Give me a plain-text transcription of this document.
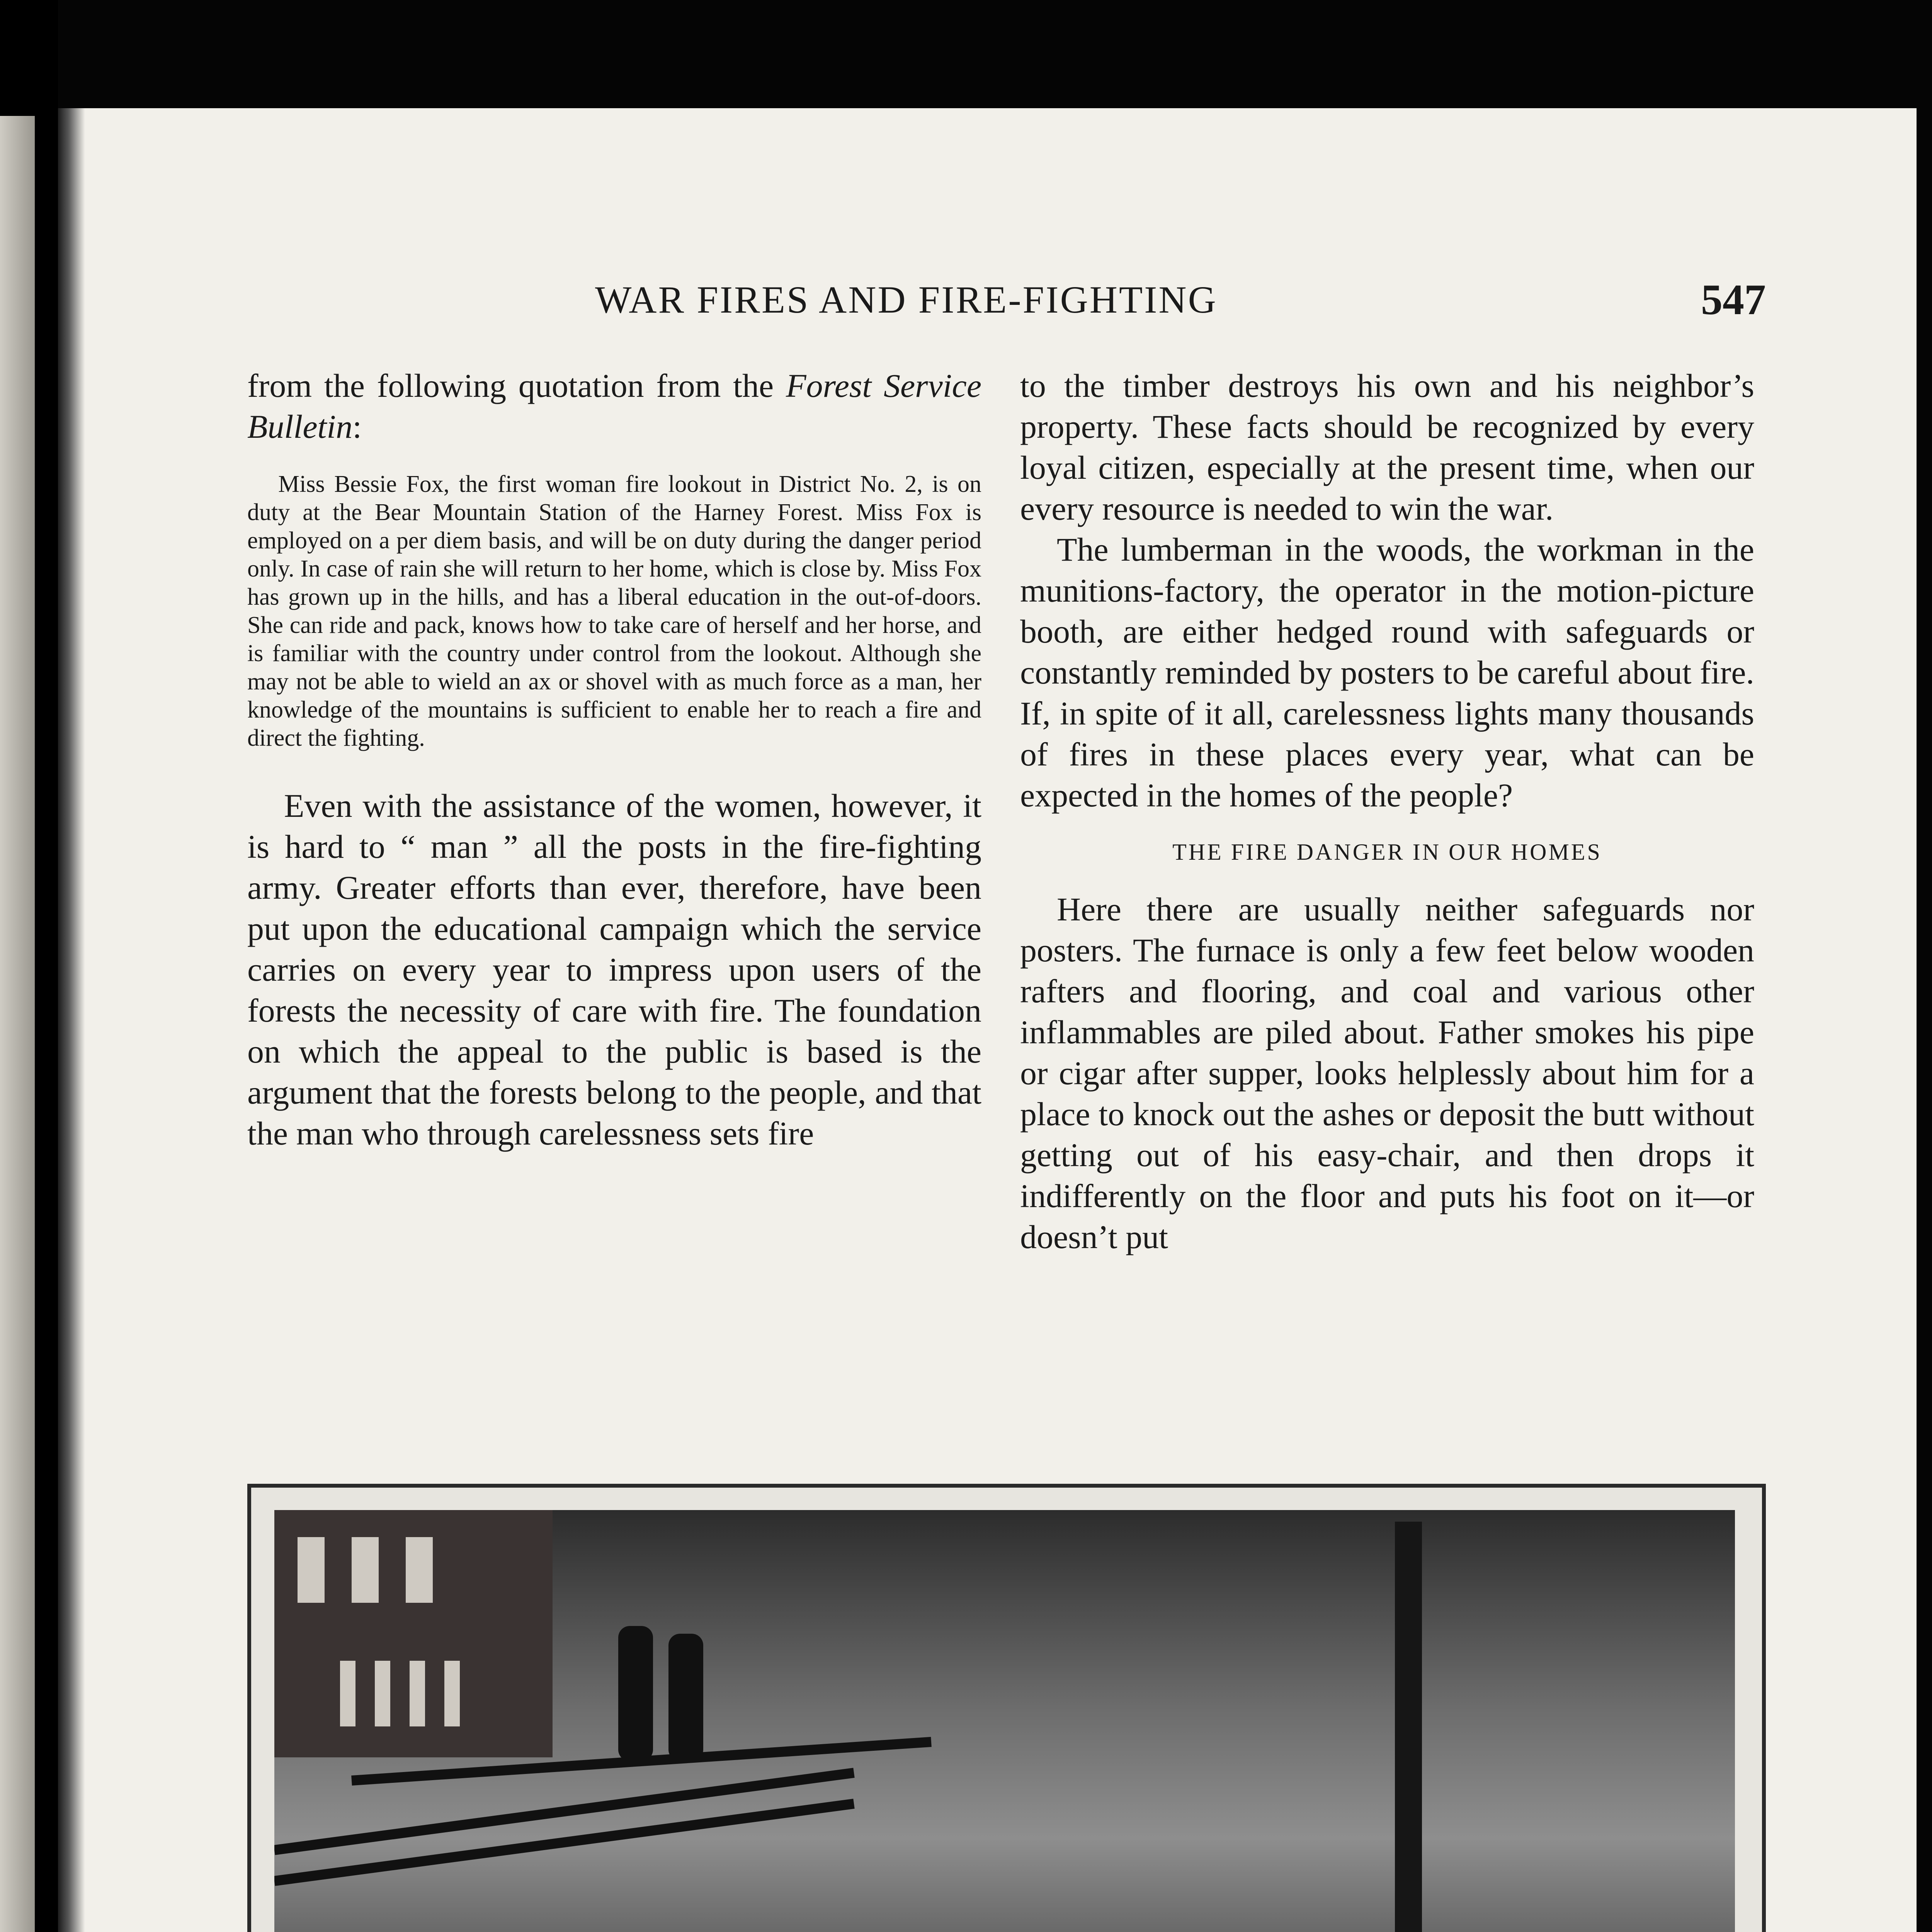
WAR FIRES AND FIRE-FIGHTING	547

from the following quotation from the Forest Service Bulletin:

Miss Bessie Fox, the first woman fire lookout in District No. 2, is on duty at the Bear Mountain Station of the Harney Forest. Miss Fox is employed on a per diem basis, and will be on duty during the danger period only. In case of rain she will return to her home, which is close by. Miss Fox has grown up in the hills, and has a liberal education in the out-of-doors. She can ride and pack, knows how to take care of herself and her horse, and is familiar with the country under control from the lookout. Although she may not be able to wield an ax or shovel with as much force as a man, her knowledge of the mountains is sufficient to enable her to reach a fire and direct the fighting.

Even with the assistance of the women, however, it is hard to “ man ” all the posts in the fire-fighting army. Greater efforts than ever, therefore, have been put upon the educational campaign which the service carries on every year to impress upon users of the forests the necessity of care with fire. The foundation on which the appeal to the public is based is the argument that the forests belong to the people, and that the man who through carelessness sets fire

to the timber destroys his own and his neighbor’s property. These facts should be recognized by every loyal citizen, especially at the present time, when our every resource is needed to win the war.

The lumberman in the woods, the workman in the munitions-factory, the operator in the motion-picture booth, are either hedged round with safeguards or constantly reminded by posters to be careful about fire. If, in spite of it all, carelessness lights many thousands of fires in these places every year, what can be expected in the homes of the people?

THE FIRE DANGER IN OUR HOMES

Here there are usually neither safeguards nor posters. The furnace is only a few feet below wooden rafters and flooring, and coal and various other inflammables are piled about. Father smokes his pipe or cigar after supper, looks helplessly about him for a place to knock out the ashes or deposit the butt without getting out of his easy-chair, and then drops it indifferently on the floor and puts his foot on it—or doesn’t put
